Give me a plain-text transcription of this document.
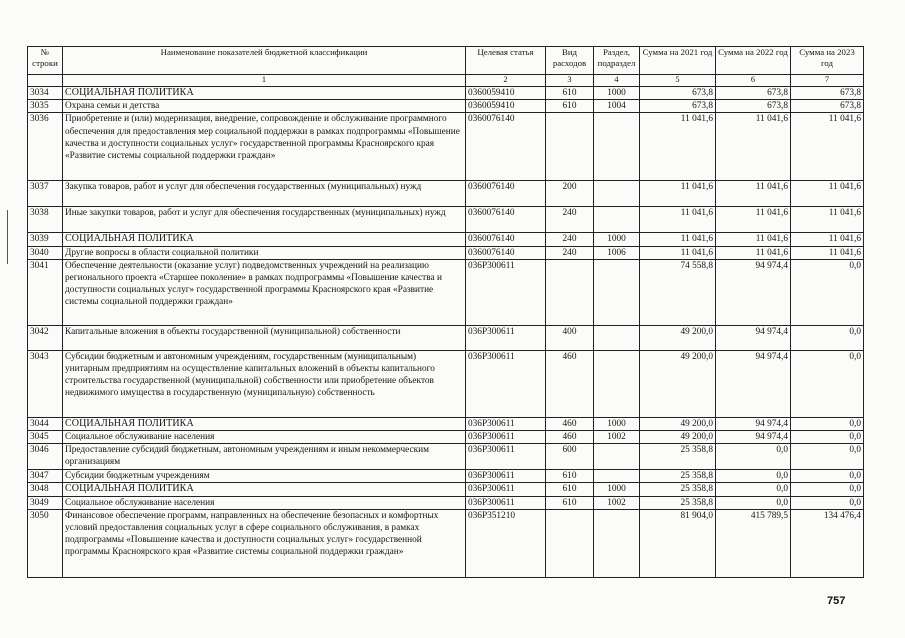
№ строки	Наименование показателей бюджетной классификации	Целевая статья	Вид расходов	Раздел, подраздел	Сумма на 2021 год	Сумма на 2022 год	Сумма на 2023 год
	1	2	3	4	5	6	7
3034	СОЦИАЛЬНАЯ ПОЛИТИКА	0360059410	610	1000	673,8	673,8	673,8
3035	Охрана семьи и детства	0360059410	610	1004	673,8	673,8	673,8
3036	Приобретение и (или) модернизация, внедрение, сопровождение и обслуживание программного обеспечения для предоставления мер социальной поддержки в рамках подпрограммы «Повышение качества и доступности социальных услуг» государственной программы Красноярского края «Развитие системы социальной поддержки граждан»	0360076140			11 041,6	11 041,6	11 041,6
3037	Закупка товаров, работ и услуг для обеспечения государственных (муниципальных) нужд	0360076140	200		11 041,6	11 041,6	11 041,6
3038	Иные закупки товаров, работ и услуг для обеспечения государственных (муниципальных) нужд	0360076140	240		11 041,6	11 041,6	11 041,6
3039	СОЦИАЛЬНАЯ ПОЛИТИКА	0360076140	240	1000	11 041,6	11 041,6	11 041,6
3040	Другие вопросы в области социальной политики	0360076140	240	1006	11 041,6	11 041,6	11 041,6
3041	Обеспечение деятельности (оказание услуг) подведомственных учреждений на реализацию регионального проекта «Старшее поколение» в рамках подпрограммы «Повышение качества и доступности социальных услуг» государственной программы Красноярского края «Развитие системы социальной поддержки граждан»	036P300611			74 558,8	94 974,4	0,0
3042	Капитальные вложения в объекты государственной (муниципальной) собственности	036P300611	400		49 200,0	94 974,4	0,0
3043	Субсидии бюджетным и автономным учреждениям, государственным (муниципальным) унитарным предприятиям на осуществление капитальных вложений в объекты капитального строительства государственной (муниципальной) собственности или приобретение объектов недвижимого имущества в государственную (муниципальную) собственность	036P300611	460		49 200,0	94 974,4	0,0
3044	СОЦИАЛЬНАЯ ПОЛИТИКА	036P300611	460	1000	49 200,0	94 974,4	0,0
3045	Социальное обслуживание населения	036P300611	460	1002	49 200,0	94 974,4	0,0
3046	Предоставление субсидий бюджетным, автономным учреждениям и иным некоммерческим организациям	036P300611	600		25 358,8	0,0	0,0
3047	Субсидии бюджетным учреждениям	036P300611	610		25 358,8	0,0	0,0
3048	СОЦИАЛЬНАЯ ПОЛИТИКА	036P300611	610	1000	25 358,8	0,0	0,0
3049	Социальное обслуживание населения	036P300611	610	1002	25 358,8	0,0	0,0
3050	Финансовое обеспечение программ, направленных на обеспечение безопасных и комфортных условий предоставления социальных услуг в сфере социального обслуживания, в рамках подпрограммы «Повышение качества и доступности социальных услуг» государственной программы Красноярского края «Развитие системы социальной поддержки граждан»	036P351210			81 904,0	415 789,5	134 476,4
757
